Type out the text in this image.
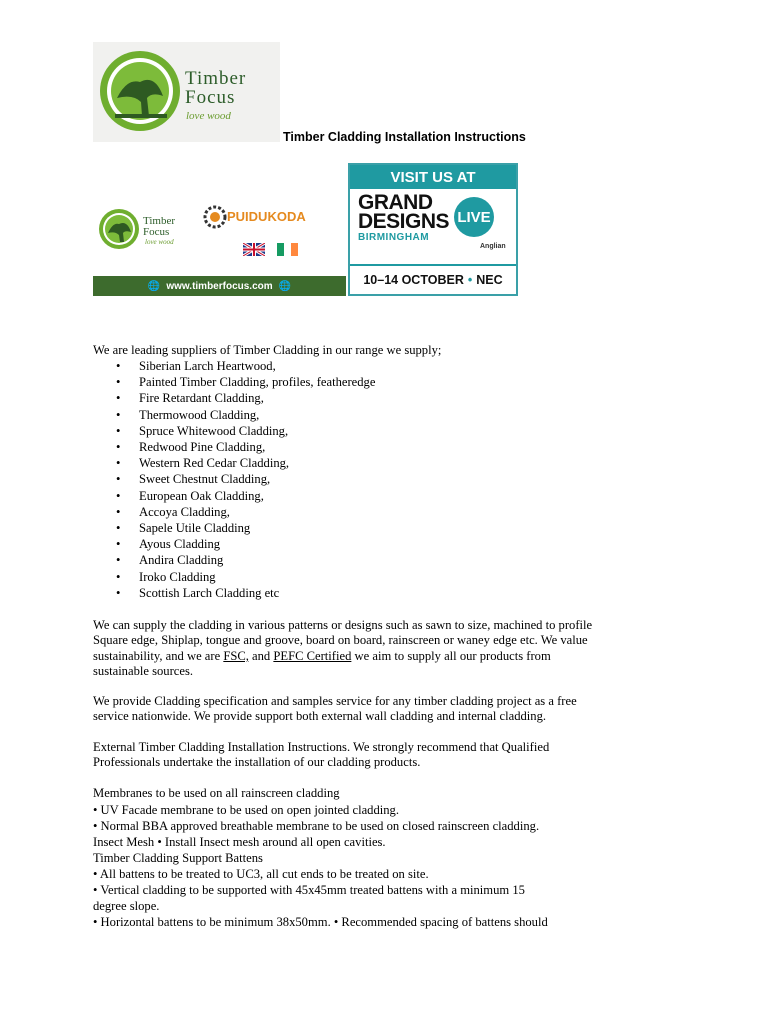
Timber
Focus
love wood
Timber Cladding Installation Instructions
Timber
Focus
love wood
PUIDUKODA
🌐 www.timberfocus.com 🌐
VISIT US AT
GRAND
DESIGNS
BIRMINGHAM
LIVE
Anglian
10–14 OCTOBER • NEC
We are leading suppliers of Timber Cladding in our range we supply;
• Siberian Larch Heartwood,
• Painted Timber Cladding, profiles, featheredge
• Fire Retardant Cladding,
• Thermowood Cladding,
• Spruce Whitewood Cladding,
• Redwood Pine Cladding,
• Western Red Cedar Cladding,
• Sweet Chestnut Cladding,
• European Oak Cladding,
• Accoya Cladding,
• Sapele Utile Cladding
• Ayous Cladding
• Andira Cladding
• Iroko Cladding
• Scottish Larch Cladding etc
We can supply the cladding in various patterns or designs such as sawn to size, machined to profile
Square edge, Shiplap, tongue and groove, board on board, rainscreen or waney edge etc. We value
sustainability, and we are FSC, and PEFC Certified we aim to supply all our products from
sustainable sources.
We provide Cladding specification and samples service for any timber cladding project as a free
service nationwide. We provide support both external wall cladding and internal cladding.
External Timber Cladding Installation Instructions. We strongly recommend that Qualified
Professionals undertake the installation of our cladding products.
Membranes to be used on all rainscreen cladding
• UV Facade membrane to be used on open jointed cladding.
• Normal BBA approved breathable membrane to be used on closed rainscreen cladding.
Insect Mesh • Install Insect mesh around all open cavities.
Timber Cladding Support Battens
• All battens to be treated to UC3, all cut ends to be treated on site.
• Vertical cladding to be supported with 45x45mm treated battens with a minimum 15
degree slope.
• Horizontal battens to be minimum 38x50mm. • Recommended spacing of battens should
